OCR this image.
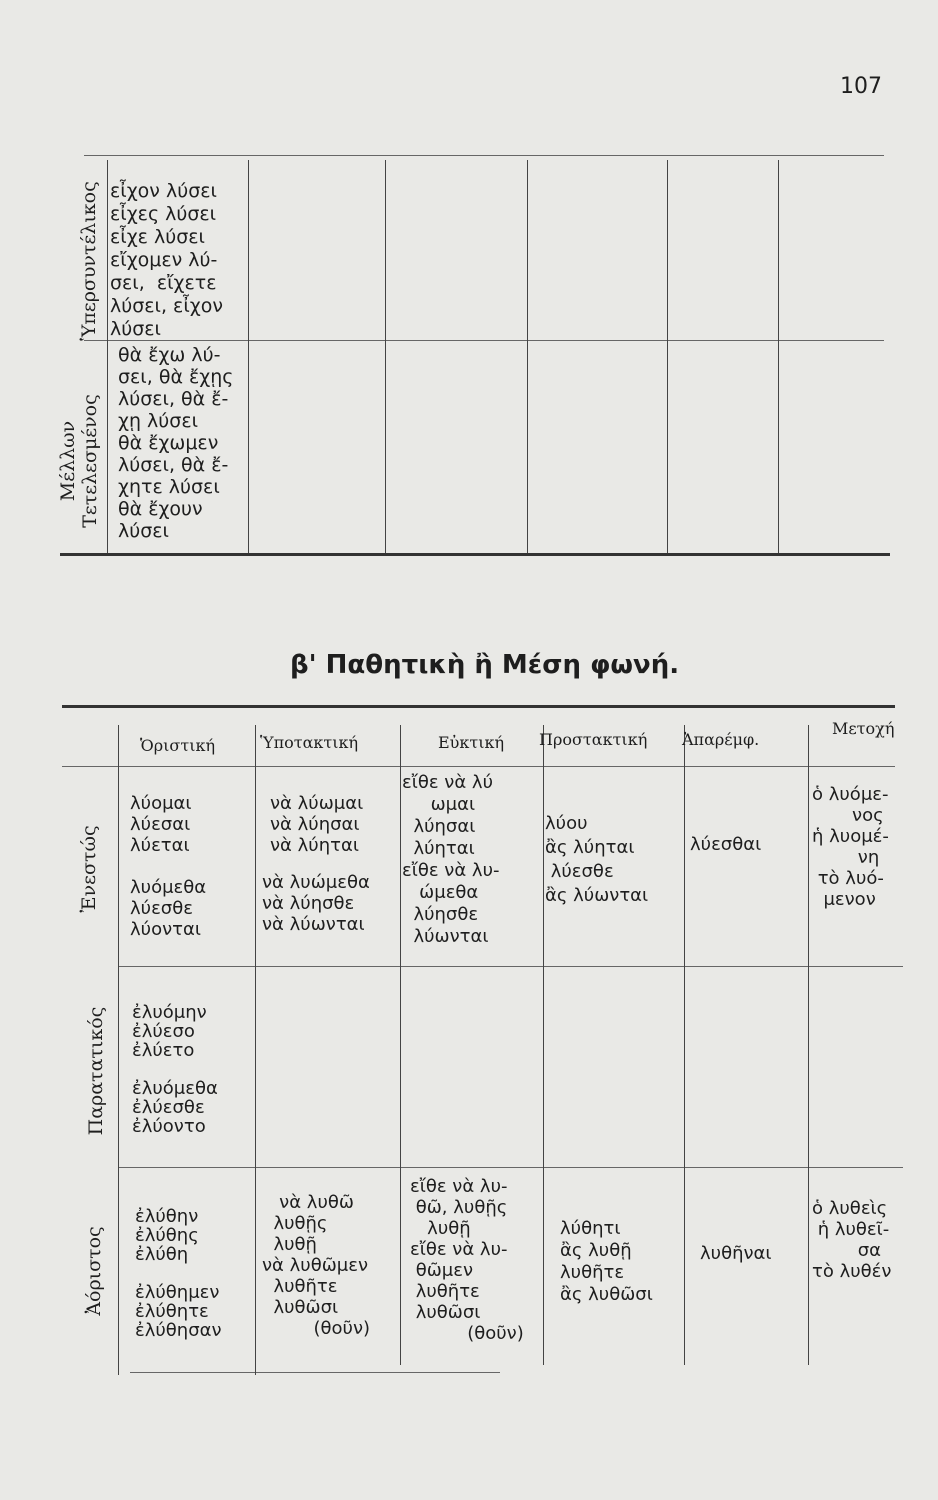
107
Ὑπερσυντέλικος εἶχον λύσει
εἶχες λύσει
εἶχε λύσει
εἴχομεν λύ-
σει,  εἴχετε
λύσει, εἶχον
λύσει
Μέλλων Τετελεσμένος
θὰ ἔχω λύ-
σει, θὰ ἔχῃς
λύσει, θὰ ἔ-
χῃ λύσει
θὰ ἔχωμεν
λύσει, θὰ ἔ-
χητε λύσει
θὰ ἔχουν
λύσει
β' Παθητικὴ ἢ Μέση φωνή.
Ὁριστική	Ὑποτακτική	Εὐκτική Προστακτική Ἀπαρέμφ.
Μετοχή
Ἐνεστώς
λύομαι
λύεσαι
λύεται

λυόμεθα
λύεσθε
λύονται
νὰ λύωμαι
νὰ λύησαι
νὰ λύηται
νὰ λυώμεθα
νὰ λύησθε
νὰ λύωνται
εἴθε νὰ λύ
ωμαι
λύησαι
λύηται
εἴθε νὰ λυ-
ώμεθα
λύησθε
λύωνται
λύου
ἂς λύηται
λύεσθε
ἂς λύωνται
λύεσθαι
ὁ λυόμε-
νος
ἡ λυομέ-
νη
τὸ λυό-
μενον
Παρατατικός ἐλυόμην
ἐλύεσο
ἐλύετο

ἐλυόμεθα
ἐλύεσθε
ἐλύοντο
Ἀόριστος
ἐλύθην
ἐλύθης
ἐλύθη

ἐλύθημεν
ἐλύθητε
ἐλύθησαν
νὰ λυθῶ
λυθῇς
λυθῇ
νὰ λυθῶμεν
λυθῆτε
λυθῶσι
(θοῦν)
εἴθε νὰ λυ-
θῶ, λυθῇς
λυθῇ
εἴθε νὰ λυ-
θῶμεν
λυθῆτε
λυθῶσι
(θοῦν)
λύθητι
ἂς λυθῇ
λυθῆτε
ἂς λυθῶσι
λυθῆναι
ὁ λυθεὶς
ἡ λυθεῖ-
σα
τὸ λυθέν
